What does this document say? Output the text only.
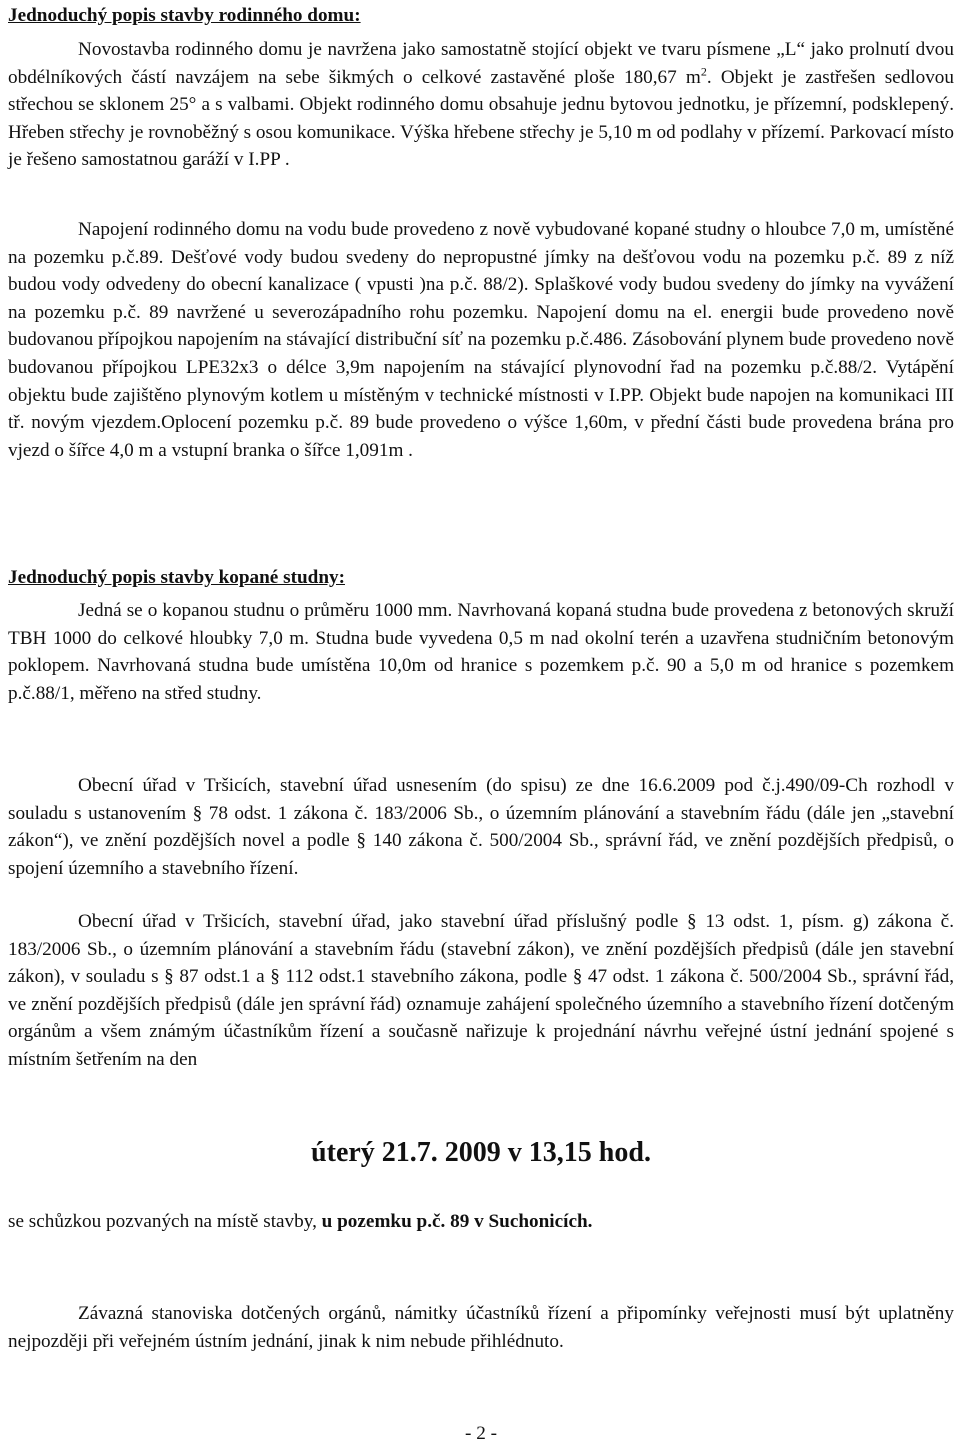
Jednoduchý popis stavby rodinného domu:
Novostavba rodinného domu je navržena jako samostatně stojící objekt ve tvaru písmene „L“ jako prolnutí dvou obdélníkových částí navzájem na sebe šikmých o celkové zastavěné ploše 180,67 $m^2$. Objekt je zastřešen sedlovou střechou se sklonem 25° a s valbami. Objekt rodinného domu obsahuje jednu bytovou jednotku, je přízemní, podsklepený. Hřeben střechy je rovnoběžný s osou komunikace. Výška hřebene střechy je 5,10 m od podlahy v přízemí. Parkovací místo je řešeno samostatnou garáží v I.PP .
Napojení rodinného domu na vodu bude provedeno z nově vybudované kopané studny o hloubce 7,0 m, umístěné na pozemku p.č.89. Dešťové vody budou svedeny do nepropustné jímky na dešťovou vodu na pozemku p.č. 89 z níž budou vody odvedeny do obecní kanalizace ( vpusti )na p.č. 88/2). Splaškové vody budou svedeny do jímky na vyvážení na pozemku p.č. 89 navržené u severozápadního rohu pozemku. Napojení domu na el. energii bude provedeno nově budovanou přípojkou napojením na stávající distribuční síť na pozemku p.č.486. Zásobování plynem bude provedeno nově budovanou přípojkou LPE32x3 o délce 3,9m napojením na stávající plynovodní řad na pozemku p.č.88/2. Vytápění objektu bude zajištěno plynovým kotlem u místěným v technické místnosti v I.PP. Objekt bude napojen na komunikaci III tř. novým vjezdem.Oplocení pozemku p.č. 89 bude provedeno o výšce 1,60m, v přední části bude provedena brána pro vjezd o šířce 4,0 m a vstupní branka o šířce 1,091m .
Jednoduchý popis stavby kopané studny:
Jedná se o kopanou studnu o průměru 1000 mm. Navrhovaná kopaná studna bude provedena z betonových skruží TBH 1000 do celkové hloubky 7,0 m. Studna bude vyvedena 0,5 m nad okolní terén a uzavřena studničním betonovým poklopem. Navrhovaná studna bude umístěna 10,0m od hranice s pozemkem p.č. 90 a 5,0 m od hranice s pozemkem p.č.88/1, měřeno na střed studny.
Obecní úřad v Tršicích, stavební úřad usnesením (do spisu) ze dne 16.6.2009 pod č.j.490/09-Ch rozhodl v souladu s ustanovením § 78 odst. 1 zákona č. 183/2006 Sb., o územním plánování a stavebním řádu (dále jen „stavební zákon“), ve znění pozdějších novel a podle § 140 zákona č. 500/2004 Sb., správní řád, ve znění pozdějších předpisů, o spojení územního a stavebního řízení.
Obecní úřad v Tršicích, stavební úřad, jako stavební úřad příslušný podle § 13 odst. 1, písm. g) zákona č. 183/2006 Sb., o územním plánování a stavebním řádu (stavební zákon), ve znění pozdějších předpisů (dále jen stavební zákon), v souladu s § 87 odst.1 a § 112 odst.1 stavebního zákona, podle § 47 odst. 1 zákona č. 500/2004 Sb., správní řád, ve znění pozdějších předpisů (dále jen správní řád) oznamuje zahájení společného územního a stavebního řízení dotčeným orgánům a všem známým účastníkům řízení a současně nařizuje k projednání návrhu veřejné ústní jednání spojené s místním šetřením na den
úterý 21.7. 2009 v 13,15 hod.
se schůzkou pozvaných na místě stavby, u pozemku p.č. 89 v Suchonicích.
Závazná stanoviska dotčených orgánů, námitky účastníků řízení a připomínky veřejnosti musí být uplatněny nejpozději při veřejném ústním jednání, jinak k nim nebude přihlédnuto.
- 2 -
